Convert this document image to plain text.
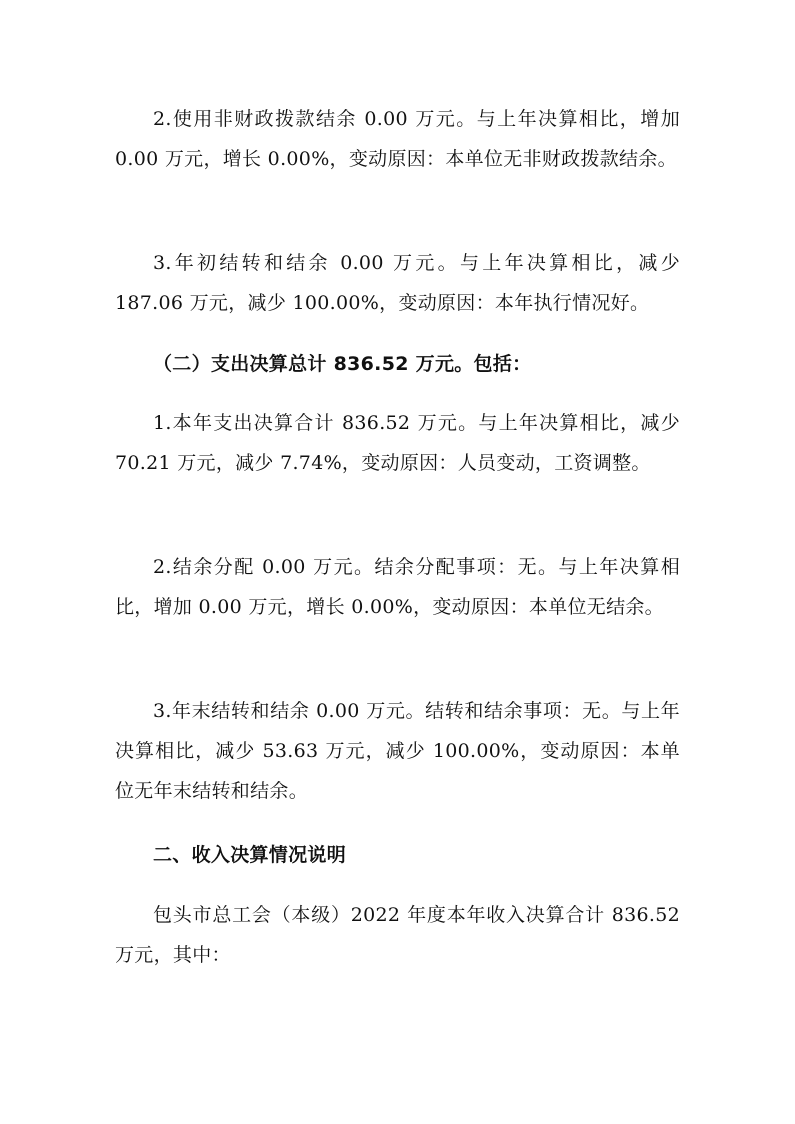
2.使用非财政拨款结余 0.00 万元。与上年决算相比，增加 0.00 万元，增长 0.00%，变动原因：本单位无非财政拨款结余。

3.年初结转和结余 0.00 万元。与上年决算相比，减少 187.06 万元，减少 100.00%，变动原因：本年执行情况好。

（二）支出决算总计 836.52 万元。包括：

1.本年支出决算合计 836.52 万元。与上年决算相比，减少 70.21 万元，减少 7.74%，变动原因：人员变动，工资调整。

2.结余分配 0.00 万元。结余分配事项：无。与上年决算相比，增加 0.00 万元，增长 0.00%，变动原因：本单位无结余。

3.年末结转和结余 0.00 万元。结转和结余事项：无。与上年决算相比，减少 53.63 万元，减少 100.00%，变动原因：本单位无年末结转和结余。

二、收入决算情况说明

包头市总工会（本级）2022 年度本年收入决算合计 836.52 万元，其中：
